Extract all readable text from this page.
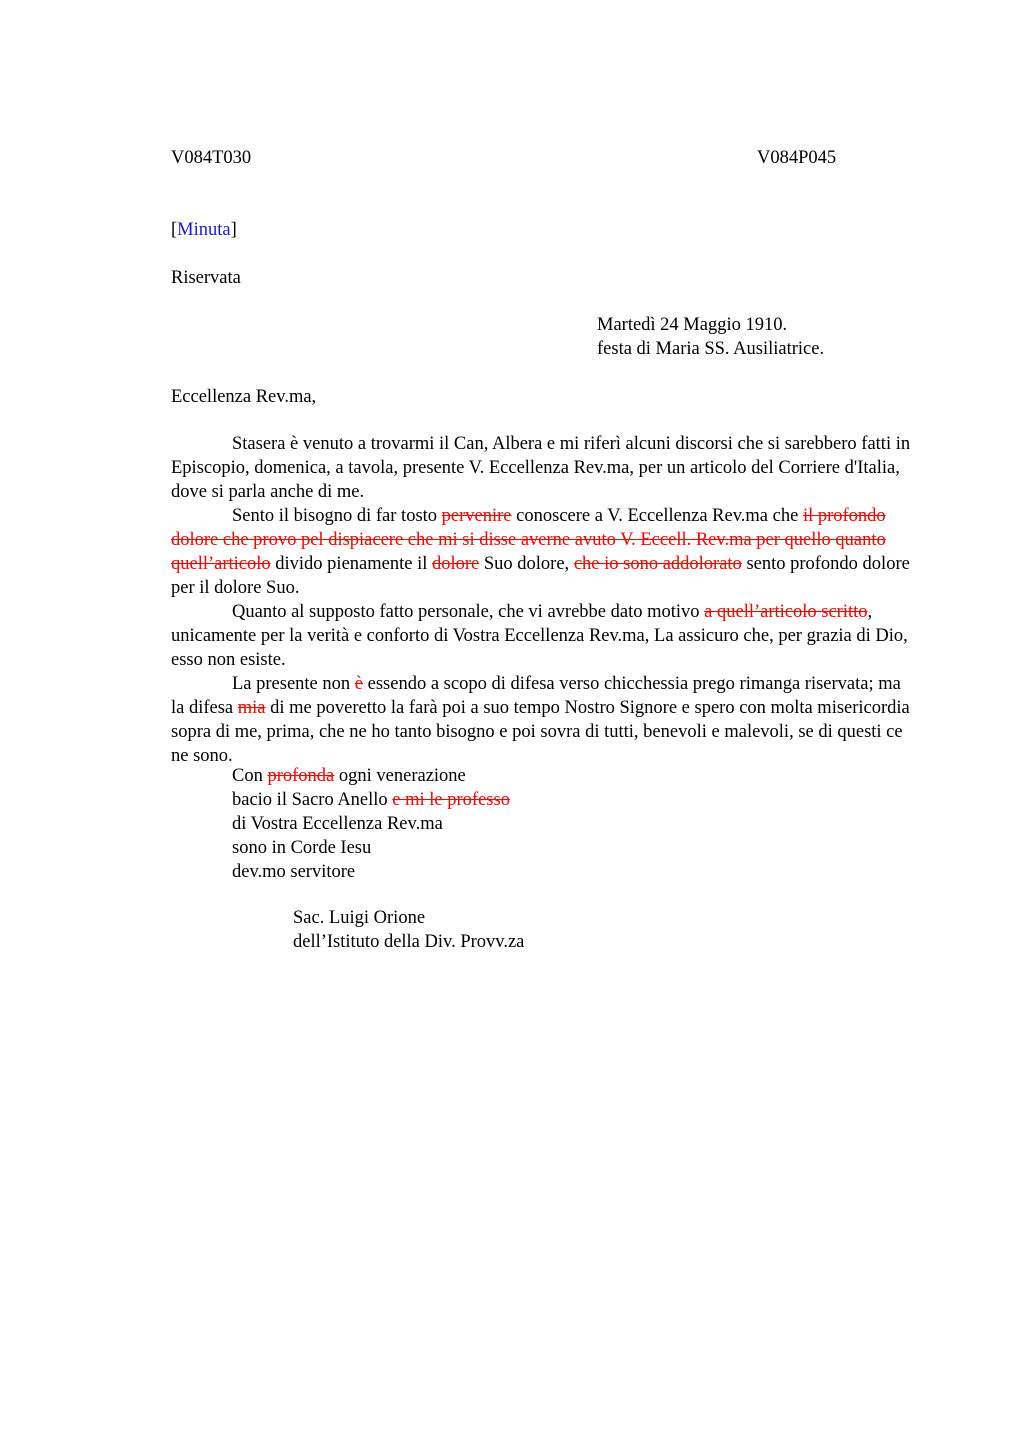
V084T030	V084P045
[Minuta]
Riservata
Martedì 24 Maggio 1910.
festa di Maria SS. Ausiliatrice.
Eccellenza Rev.ma,

Stasera è venuto a trovarmi il Can, Albera e mi riferì alcuni discorsi che si sarebbero fatti in Episcopio, domenica, a tavola, presente V. Eccellenza Rev.ma, per un articolo del Corriere d'Italia, dove si parla anche di me.

Sento il bisogno di far tosto pervenire conoscere a V. Eccellenza Rev.ma che il profondo dolore che provo pel dispiacere che mi si disse averne avuto V. Eccell. Rev.ma per quello quanto quell’articolo divido pienamente il dolore Suo dolore, che io sono addolorato sento profondo dolore per il dolore Suo.

Quanto al supposto fatto personale, che vi avrebbe dato motivo a quell’articolo scritto, unicamente per la verità e conforto di Vostra Eccellenza Rev.ma, La assicuro che, per grazia di Dio, esso non esiste.

La presente non è essendo a scopo di difesa verso chicchessia prego rimanga riservata; ma la difesa mia di me poveretto la farà poi a suo tempo Nostro Signore e spero con molta misericordia sopra di me, prima, che ne ho tanto bisogno e poi sovra di tutti, benevoli e malevoli, se di questi ce ne sono.

Con profonda ogni venerazione
bacio il Sacro Anello e mi le professo
di Vostra Eccellenza Rev.ma
sono in Corde Iesu
dev.mo servitore
Sac. Luigi Orione
dell’Istituto della Div. Provv.za
